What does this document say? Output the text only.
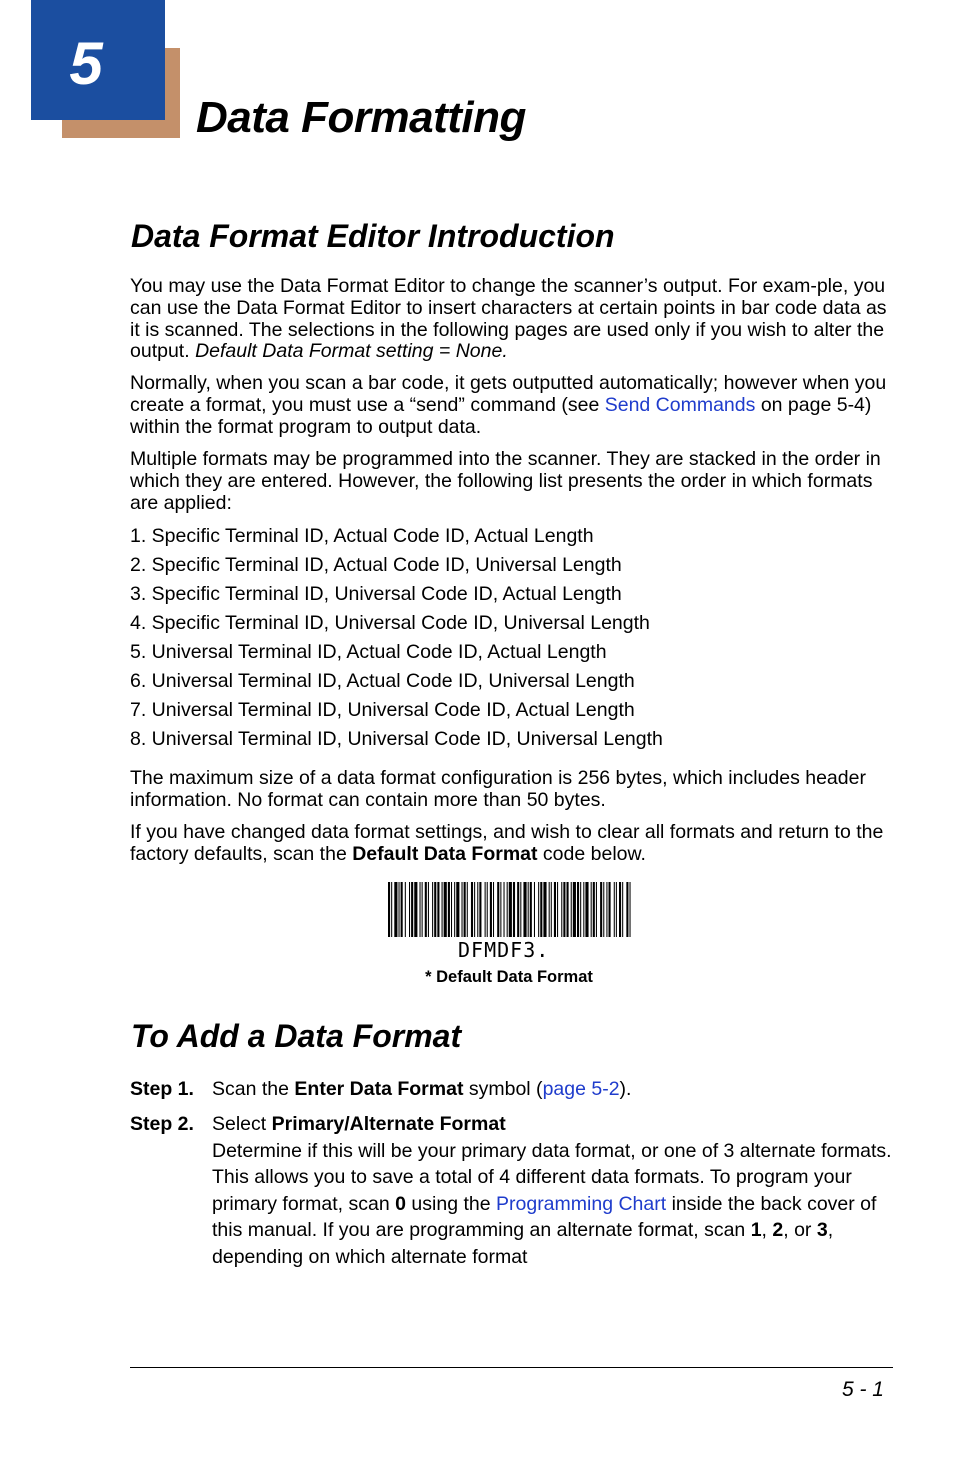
5
Data Formatting
Data Format Editor Introduction

You may use the Data Format Editor to change the scanner’s output. For exam-ple, you can use the Data Format Editor to insert characters at certain points in bar code data as it is scanned. The selections in the following pages are used only if you wish to alter the output. Default Data Format setting = None.

Normally, when you scan a bar code, it gets outputted automatically; however when you create a format, you must use a “send” command (see Send Commands on page 5-4) within the format program to output data.

Multiple formats may be programmed into the scanner. They are stacked in the order in which they are entered. However, the following list presents the order in which formats are applied:

1. Specific Terminal ID, Actual Code ID, Actual Length
2. Specific Terminal ID, Actual Code ID, Universal Length
3. Specific Terminal ID, Universal Code ID, Actual Length
4. Specific Terminal ID, Universal Code ID, Universal Length
5. Universal Terminal ID, Actual Code ID, Actual Length
6. Universal Terminal ID, Actual Code ID, Universal Length
7. Universal Terminal ID, Universal Code ID, Actual Length
8. Universal Terminal ID, Universal Code ID, Universal Length

The maximum size of a data format configuration is 256 bytes, which includes header information. No format can contain more than 50 bytes.

If you have changed data format settings, and wish to clear all formats and return to the factory defaults, scan the Default Data Format code below.

DFMDF3.
* Default Data Format
To Add a Data Format
Step 1. Scan the Enter Data Format symbol (page 5-2).

Step 2. Select Primary/Alternate Format
Determine if this will be your primary data format, or one of 3 alternate formats. This allows you to save a total of 4 different data formats. To program your primary format, scan 0 using the Programming Chart inside the back cover of this manual. If you are programming an alternate format, scan 1, 2, or 3, depending on which alternate format

5 - 1
